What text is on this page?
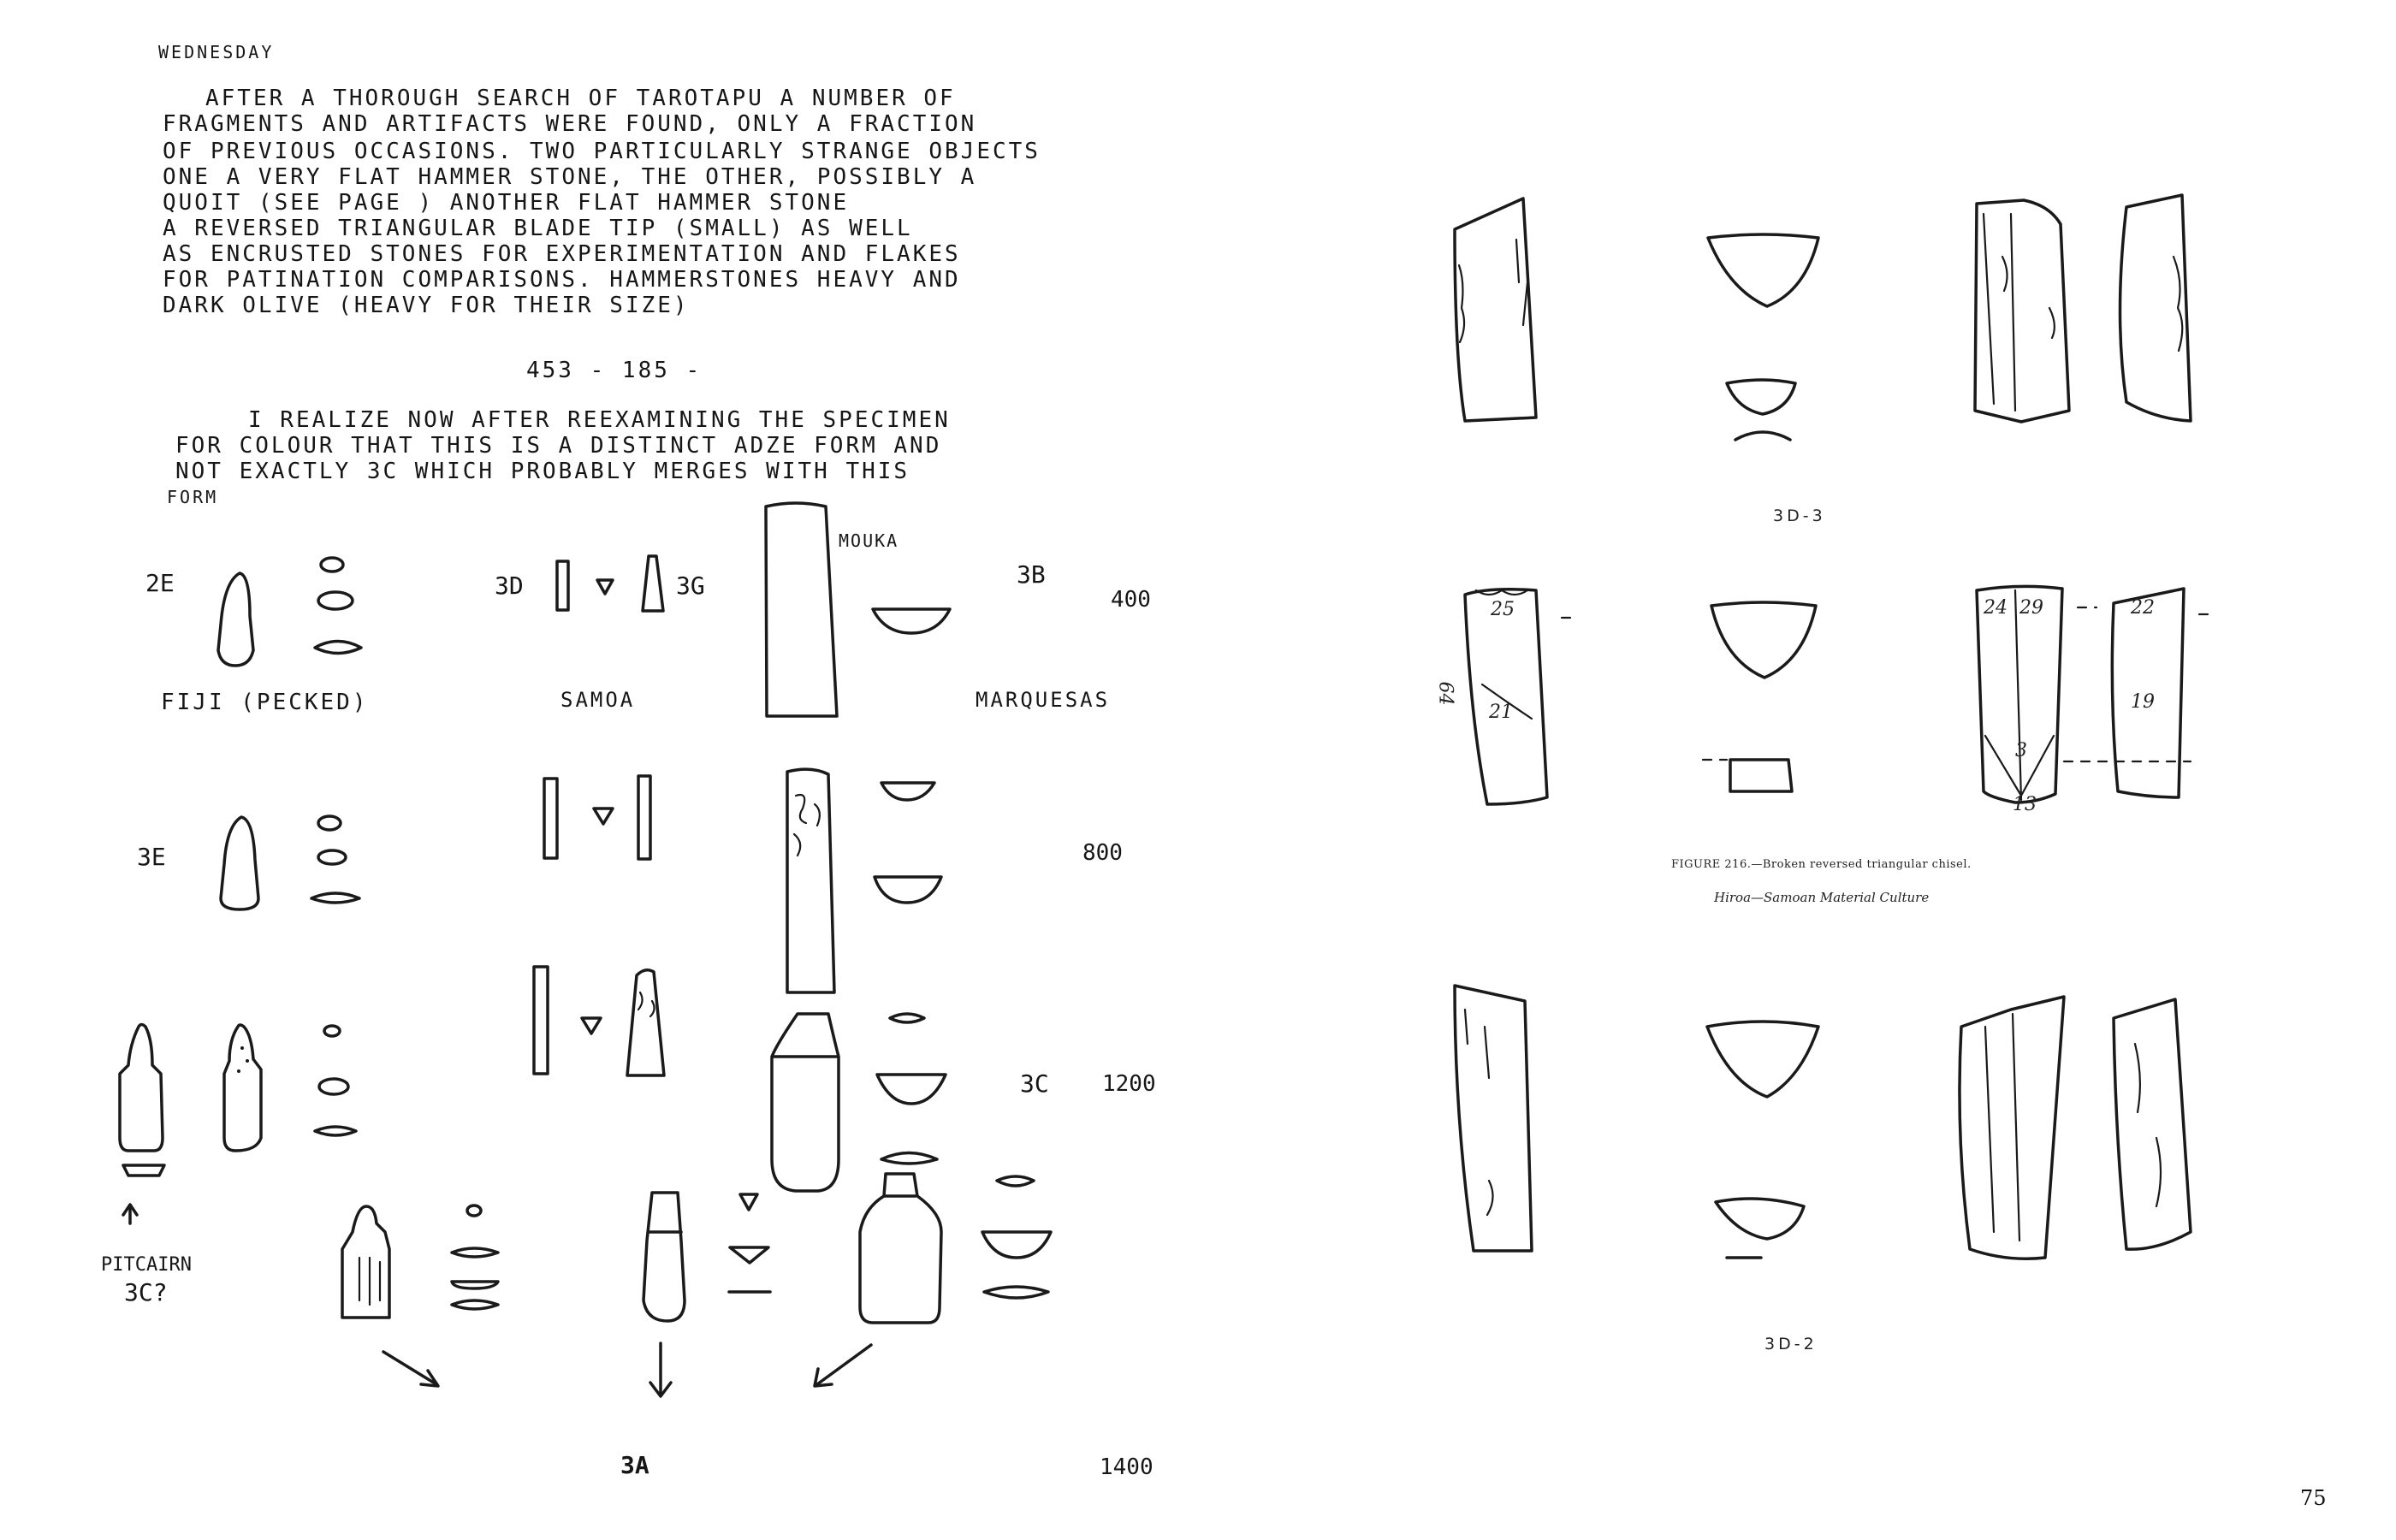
WEDNESDAY
AFTER A THOROUGH SEARCH OF TAROTAPU A NUMBER OF
FRAGMENTS AND ARTIFACTS WERE FOUND, ONLY A FRACTION
OF PREVIOUS OCCASIONS. TWO PARTICULARLY STRANGE OBJECTS
ONE A VERY FLAT HAMMER STONE, THE OTHER, POSSIBLY A
QUOIT (SEE PAGE ) ANOTHER FLAT HAMMER STONE
A REVERSED TRIANGULAR BLADE TIP (SMALL) AS WELL
AS ENCRUSTED STONES FOR EXPERIMENTATION AND FLAKES
FOR PATINATION COMPARISONS. HAMMERSTONES HEAVY AND
DARK OLIVE (HEAVY FOR THEIR SIZE)
453 - 185 -
I REALIZE NOW AFTER REEXAMINING THE SPECIMEN
FOR COLOUR THAT THIS IS A DISTINCT ADZE FORM AND
NOT EXACTLY 3C WHICH PROBABLY MERGES WITH THIS
FORM
2E	3D	3G
MOUKA
3B
400
FIJI (PECKED)	SAMOA	MARQUESAS
3E	800
3C 1200
PITCAIRN
3C?
3A	1400
3D-3
25
64
21
24 29	22
19
3
13
FIGURE 216.—Broken reversed triangular chisel.
Hiroa—Samoan Material Culture
3D-2
75
